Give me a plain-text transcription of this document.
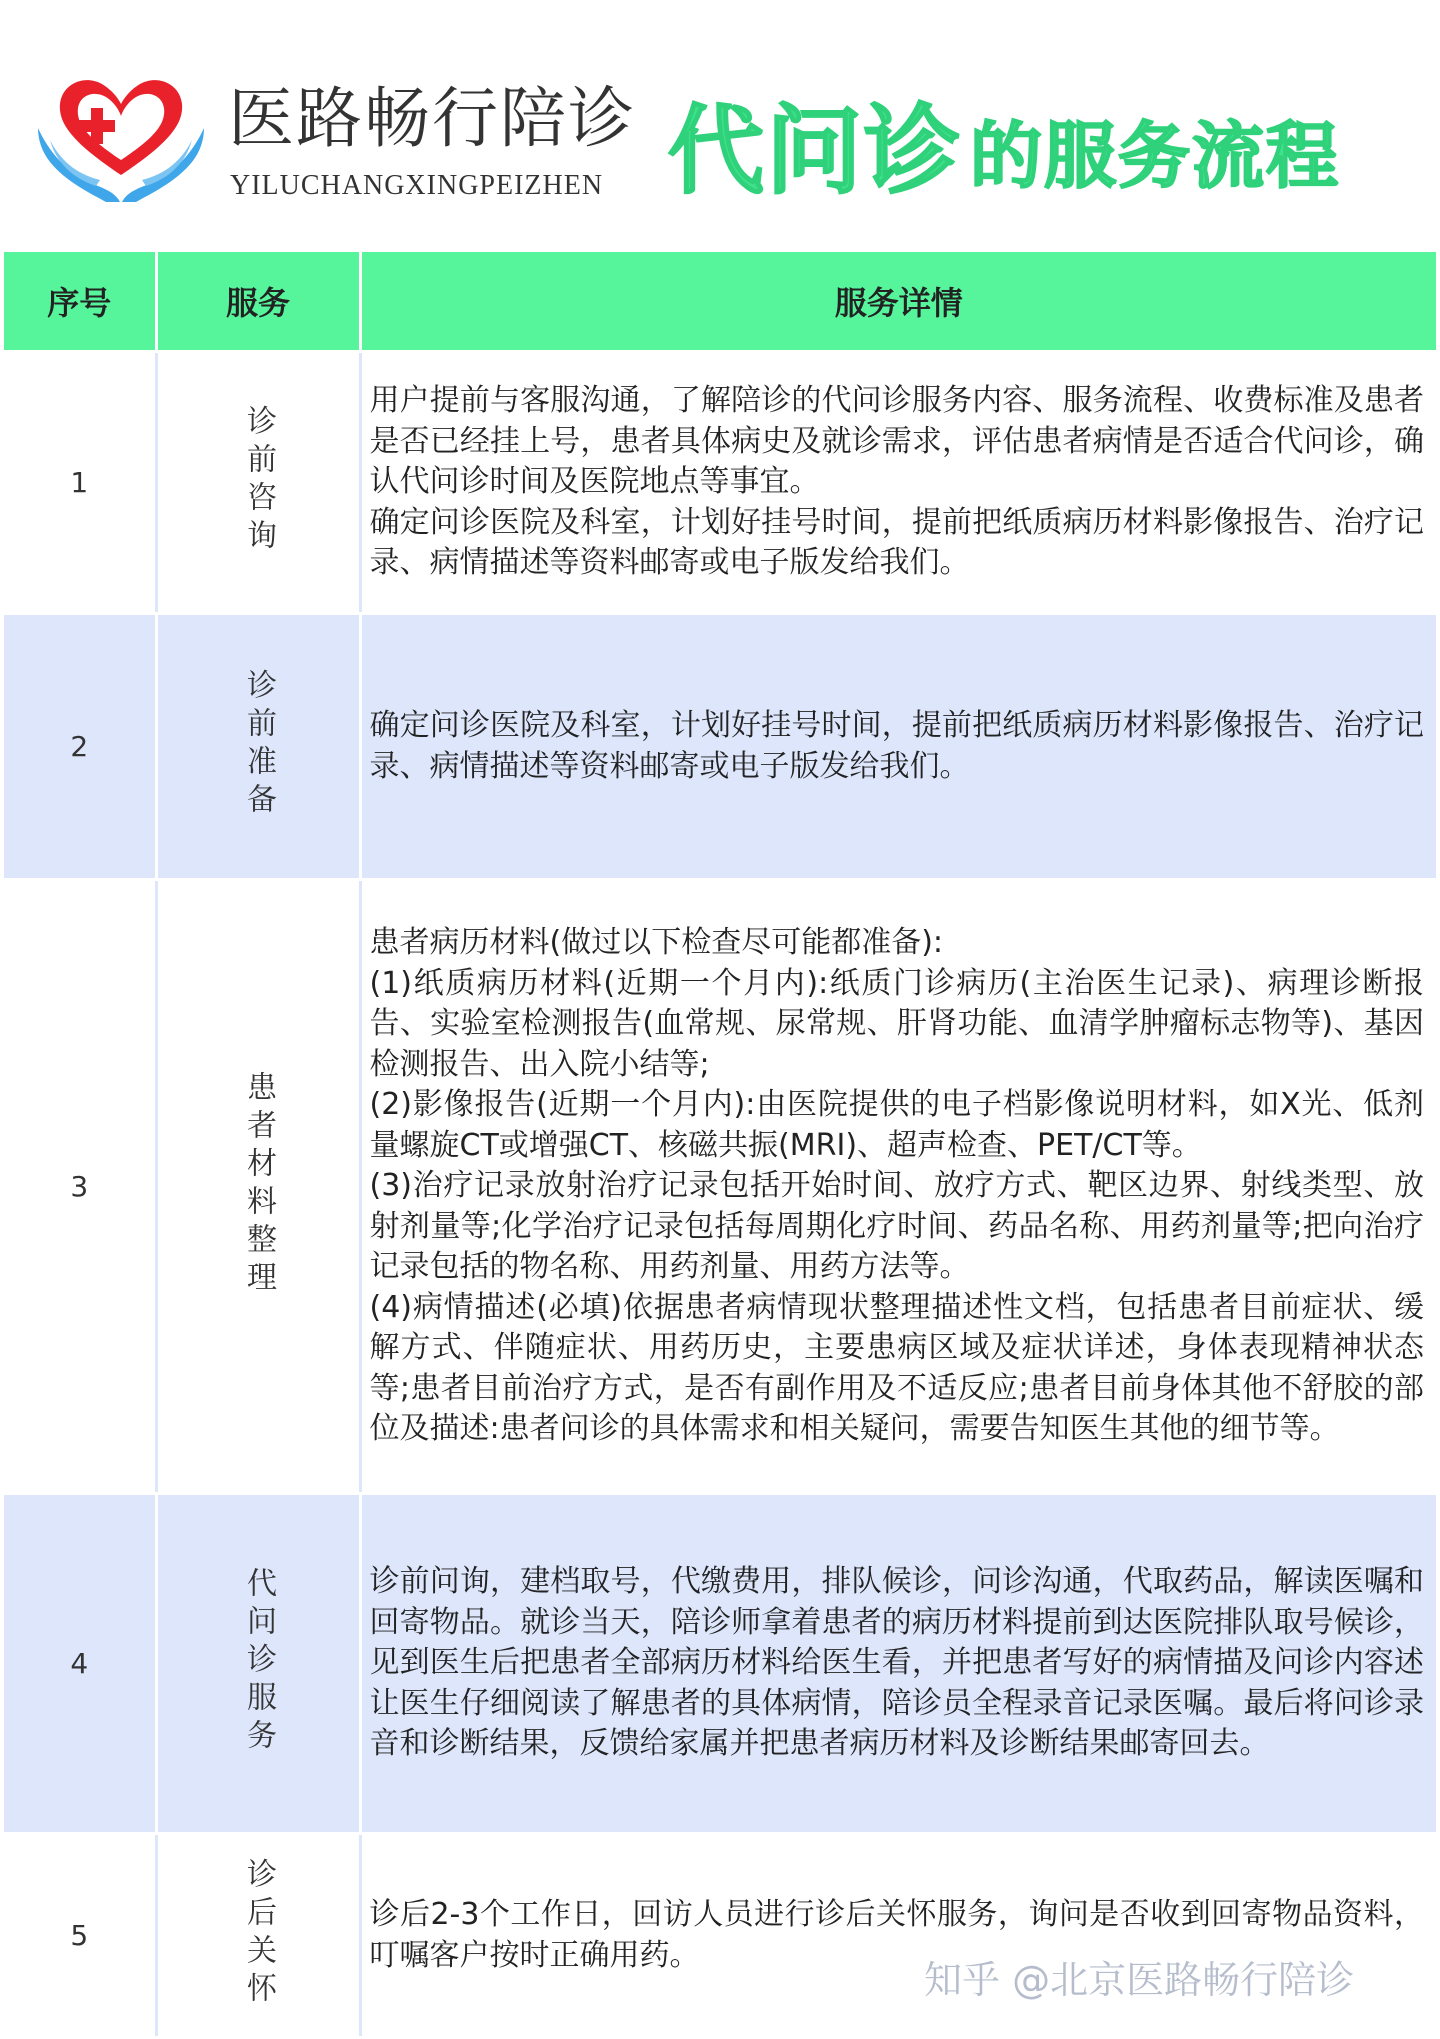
医路畅行陪诊
YILUCHANGXINGPEIZHEN 代问诊 的服务流程
序号	服务	服务详情
1	诊前咨询	用户提前与客服沟通，了解陪诊的代问诊服务内容、服务流程、收费标准及患者是否已经挂上号，患者具体病史及就诊需求，评估患者病情是否适合代问诊，确认代问诊时间及医院地点等事宜。

确定问诊医院及科室，计划好挂号时间，提前把纸质病历材料影像报告、治疗记录、病情描述等资料邮寄或电子版发给我们。

2	诊前准备	确定问诊医院及科室，计划好挂号时间，提前把纸质病历材料影像报告、治疗记录、病情描述等资料邮寄或电子版发给我们。

3	患者材料整理	患者病历材料(做过以下检查尽可能都准备):

(1)纸质病历材料(近期一个月内):纸质门诊病历(主治医生记录)、病理诊断报告、实验室检测报告(血常规、尿常规、肝肾功能、血清学肿瘤标志物等)、基因检测报告、出入院小结等;

(2)影像报告(近期一个月内):由医院提供的电子档影像说明材料，如X光、低剂量螺旋CT或增强CT、核磁共振(MRI)、超声检查、PET/CT等。

(3)治疗记录放射治疗记录包括开始时间、放疗方式、靶区边界、射线类型、放射剂量等;化学治疗记录包括每周期化疗时间、药品名称、用药剂量等;把向治疗记录包括的物名称、用药剂量、用药方法等。

(4)病情描述(必填)依据患者病情现状整理描述性文档，包括患者目前症状、缓解方式、伴随症状、用药历史，主要患病区域及症状详述，身体表现精神状态等;患者目前治疗方式，是否有副作用及不适反应;患者目前身体其他不舒胶的部位及描述:患者问诊的具体需求和相关疑问，需要告知医生其他的细节等。

4	代问诊服务	诊前问询，建档取号，代缴费用，排队候诊，问诊沟通，代取药品，解读医嘱和回寄物品。就诊当天，陪诊师拿着患者的病历材料提前到达医院排队取号候诊，见到医生后把患者全部病历材料给医生看，并把患者写好的病情描及问诊内容述让医生仔细阅读了解患者的具体病情，陪诊员全程录音记录医嘱。最后将问诊录音和诊断结果，反馈给家属并把患者病历材料及诊断结果邮寄回去。

5	诊后关怀	诊后2-3个工作日，回访人员进行诊后关怀服务，询问是否收到回寄物品资料，叮嘱客户按时正确用药。

知乎 @北京医路畅行陪诊
